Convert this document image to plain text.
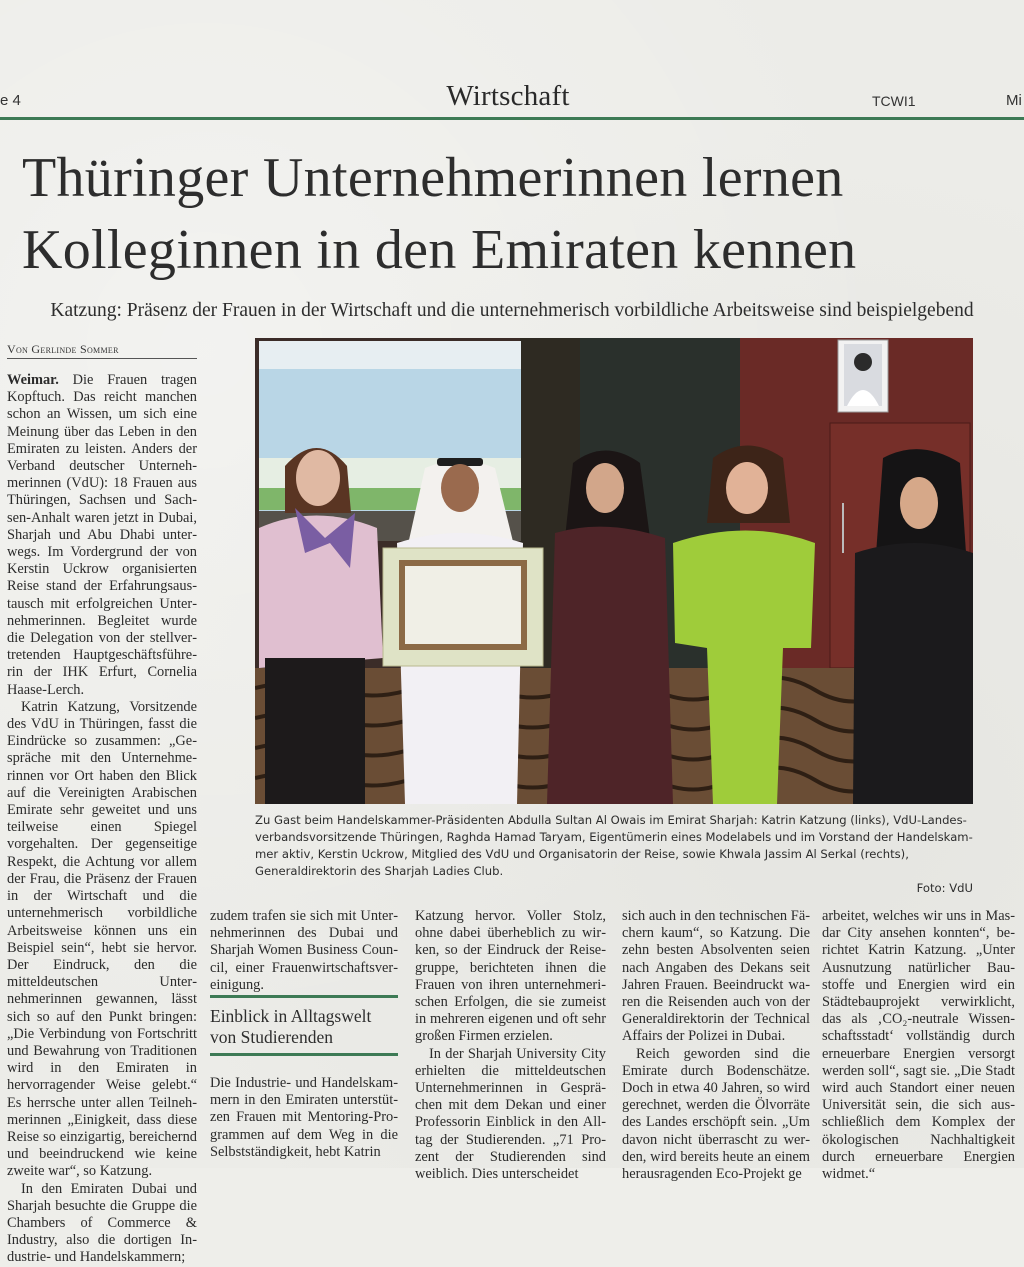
e 4	Wirtschaft	TCWI1	Mi
Thüringer Unternehmerinnen lernen
Kolleginnen in den Emiraten kennen
Katzung: Präsenz der Frauen in der Wirtschaft und die unternehmerisch vorbildliche Arbeitsweise sind beispielgebend
Von Gerlinde Sommer

Weimar. Die Frauen tragen Kopftuch. Das reicht manchen schon an Wissen, um sich eine Meinung über das Leben in den Emiraten zu leisten. Anders der Verband deutscher Unternehmerinnen (VdU): 18 Frauen aus Thüringen, Sachsen und Sachsen-Anhalt waren jetzt in Dubai, Sharjah und Abu Dhabi unterwegs. Im Vordergrund der von Kerstin Uckrow organisierten Reise stand der Erfahrungsaustausch mit erfolgreichen Unternehmerinnen. Begleitet wurde die Delegation von der stellvertretenden Hauptgeschäftsführerin der IHK Erfurt, Cornelia Haase-Lerch.

Katrin Katzung, Vorsitzende des VdU in Thüringen, fasst die Eindrücke so zusammen: „Gespräche mit den Unternehmerinnen vor Ort haben den Blick auf die Vereinigten Arabischen Emirate sehr geweitet und uns teilweise einen Spiegel vorgehalten. Der gegenseitige Respekt, die Achtung vor allem der Frau, die Präsenz der Frauen in der Wirtschaft und die unternehmerisch vorbildliche Arbeitsweise können uns ein Beispiel sein“, hebt sie hervor. Der Eindruck, den die mitteldeutschen Unternehmerinnen gewannen, lässt sich so auf den Punkt bringen: „Die Verbindung von Fortschritt und Bewahrung von Traditionen wird in den Emiraten in hervorragender Weise gelebt.“ Es herrsche unter allen Teilnehmerinnen „Einigkeit, dass diese Reise so einzigartig, bereichernd und beeindruckend wie keine zweite war“, so Katzung.

In den Emiraten Dubai und Sharjah besuchte die Gruppe die Chambers of Commerce & Industry, also die dortigen Industrie- und Handelskammern;

Zu Gast beim Handelskammer-Präsidenten Abdulla Sultan Al Owais im Emirat Sharjah: Katrin Katzung (links), VdU-Landesverbandsvorsitzende Thüringen, Raghda Hamad Taryam, Eigentümerin eines Modelabels und im Vorstand der Handelskammer aktiv, Kerstin Uckrow, Mitglied des VdU und Organisatorin der Reise, sowie Khwala Jassim Al Serkal (rechts), Generaldirektorin des Sharjah Ladies Club.
Foto: VdU

zudem trafen sie sich mit Unternehmerinnen des Dubai und Sharjah Women Business Council, einer Frauenwirtschaftsvereinigung.

Einblick in Alltagswelt von Studierenden

Die Industrie- und Handelskammern in den Emiraten unterstützen Frauen mit Mentoring-Programmen auf dem Weg in die Selbstständigkeit, hebt Katrin

Katzung hervor. Voller Stolz, ohne dabei überheblich zu wirken, so der Eindruck der Reisegruppe, berichteten ihnen die Frauen von ihren unternehmerischen Erfolgen, die sie zumeist in mehreren eigenen und oft sehr großen Firmen erzielen.

In der Sharjah University City erhielten die mitteldeutschen Unternehmerinnen in Gesprächen mit dem Dekan und einer Professorin Einblick in den Alltag der Studierenden. „71 Prozent der Studierenden sind weiblich. Dies unterscheidet

sich auch in den technischen Fächern kaum“, so Katzung. Die zehn besten Absolventen seien nach Angaben des Dekans seit Jahren Frauen. Beeindruckt waren die Reisenden auch von der Generaldirektorin der Technical Affairs der Polizei in Dubai.

Reich geworden sind die Emirate durch Bodenschätze. Doch in etwa 40 Jahren, so wird gerechnet, werden die Ölvorräte des Landes erschöpft sein. „Um davon nicht überrascht zu werden, wird bereits heute an einem herausragenden Eco-Projekt ge

arbeitet, welches wir uns in Masdar City ansehen konnten“, berichtet Katrin Katzung. „Unter Ausnutzung natürlicher Baustoffe und Energien wird ein Städtebauprojekt verwirklicht, das als ‚CO₂-neutrale Wissenschaftsstadt‘ vollständig durch erneuerbare Energien versorgt werden soll“, sagt sie. „Die Stadt wird auch Standort einer neuen Universität sein, die sich ausschließlich dem Komplex der ökologischen Nachhaltigkeit durch erneuerbare Energien widmet.“
